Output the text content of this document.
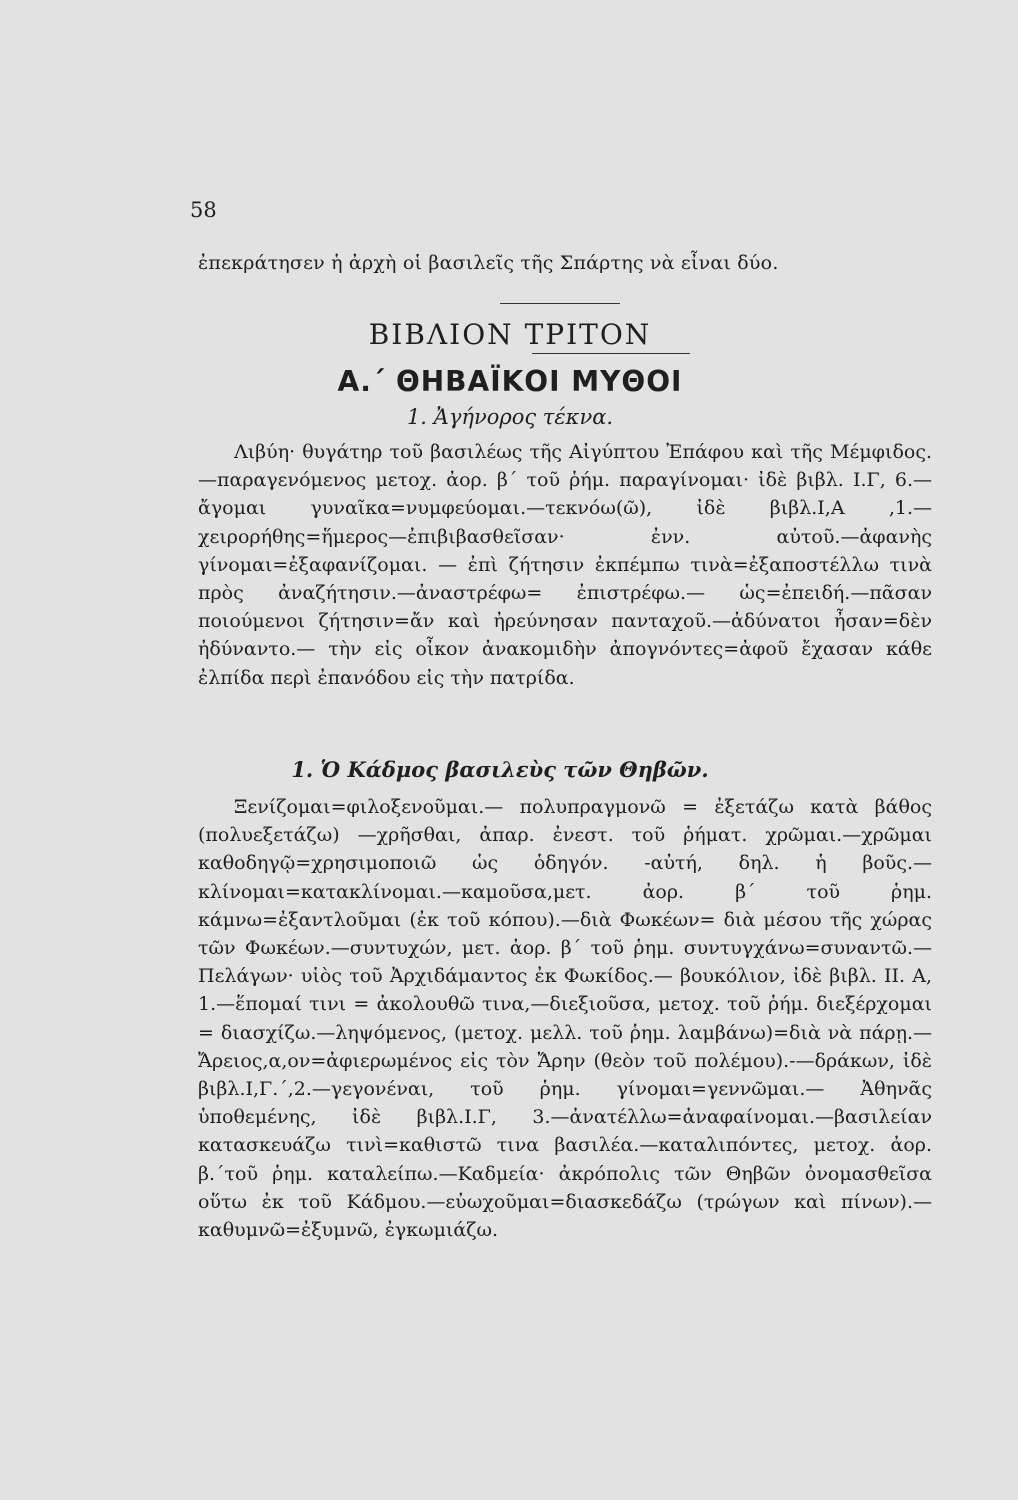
58
ἐπεκράτησεν ἡ ἀρχὴ οἱ βασιλεῖς τῆς Σπάρτης νὰ εἶναι δύο.
ΒΙΒΛΙΟΝ ΤΡΙΤΟΝ
Α.΄ ΘΗΒΑΪΚΟΙ ΜΥΘΟΙ
1. Ἀγήνορος τέκνα.
Λιβύη· θυγάτηρ τοῦ βασιλέως τῆς Αἰγύπτου Ἐπάφου καὶ τῆς Μέμφιδος.—παραγενόμενος μετοχ. ἀορ. β΄ τοῦ ῥήμ. παραγίνομαι· ἰδὲ βιβλ. Ι.Γ, 6.— ἄγομαι γυναῖκα=νυμφεύομαι.—τεκνόω(ῶ), ἰδὲ βιβλ.Ι,Α ,1.—χειρορήθης=ἥμερος—ἐπιβιβασθεῖσαν· ἐνν. αὐτοῦ.—ἀφανὴς γίνομαι=ἐξαφανίζομαι. — ἐπὶ ζήτησιν ἐκπέμπω τινὰ=ἐξαποστέλλω τινὰ πρὸς ἀναζήτησιν.—ἀναστρέφω= ἐπιστρέφω.— ὡς=ἐπειδή.—πᾶσαν ποιούμενοι ζήτησιν=ἄν καὶ ἠρεύνησαν πανταχοῦ.—ἀδύνατοι ἦσαν=δὲν ἠδύναντο.— τὴν εἰς οἶκον ἀνακομιδὴν ἀπογνόντες=ἀφοῦ ἔχασαν κάθε ἐλπίδα περὶ ἐπανόδου εἰς τὴν πατρίδα.
1. Ὁ Κάδμος βασιλεὺς τῶν Θηβῶν.
Ξενίζομαι=φιλοξενοῦμαι.— πολυπραγμονῶ = ἐξετάζω κατὰ βάθος (πολυεξετάζω) —χρῆσθαι, ἀπαρ. ἐνεστ. τοῦ ῥήματ. χρῶμαι.—χρῶμαι καθοδηγῷ=χρησιμοποιῶ ὡς ὁδηγόν. -αὐτή, δηλ. ἡ βοῦς.—κλίνομαι=κατακλίνομαι.—καμοῦσα,μετ. ἀορ. β΄ τοῦ ῥημ. κάμνω=ἐξαντλοῦμαι (ἐκ τοῦ κόπου).—διὰ Φωκέων= διὰ μέσου τῆς χώρας τῶν Φωκέων.—συντυχών, μετ. ἀορ. β΄ τοῦ ῥημ. συντυγχάνω=συναντῶ.—Πελάγων· υἱὸς τοῦ Ἀρχιδάμαντος ἐκ Φωκίδος.— βουκόλιον, ἰδὲ βιβλ. ΙΙ. Α, 1.—ἕπομαί τινι = ἀκολουθῶ τινα,—διεξιοῦσα, μετοχ. τοῦ ῥήμ. διεξέρχομαι = διασχίζω.—ληψόμενος, (μετοχ. μελλ. τοῦ ῥημ. λαμβάνω)=διὰ νὰ πάρῃ.—Ἄρειος,α,ον=ἀφιερωμένος εἰς τὸν Ἄρην (θεὸν τοῦ πολέμου).-—δράκων, ἰδὲ βιβλ.Ι,Γ.΄,2.—γεγονέναι, τοῦ ῥημ. γίνομαι=γεννῶμαι.— Ἀθηνᾶς ὑποθεμένης, ἰδὲ βιβλ.Ι.Γ, 3.—ἀνατέλλω=ἀναφαίνομαι.—βασιλείαν κατασκευάζω τινὶ=καθιστῶ τινα βασιλέα.—καταλιπόντες, μετοχ. ἀορ. β.΄τοῦ ῥημ. καταλείπω.—Καδμεία· ἀκρόπολις τῶν Θηβῶν ὀνομασθεῖσα οὕτω ἐκ τοῦ Κάδμου.—εὐωχοῦμαι=διασκεδάζω (τρώγων καὶ πίνων).—καθυμνῶ=ἐξυμνῶ, ἐγκωμιάζω.
